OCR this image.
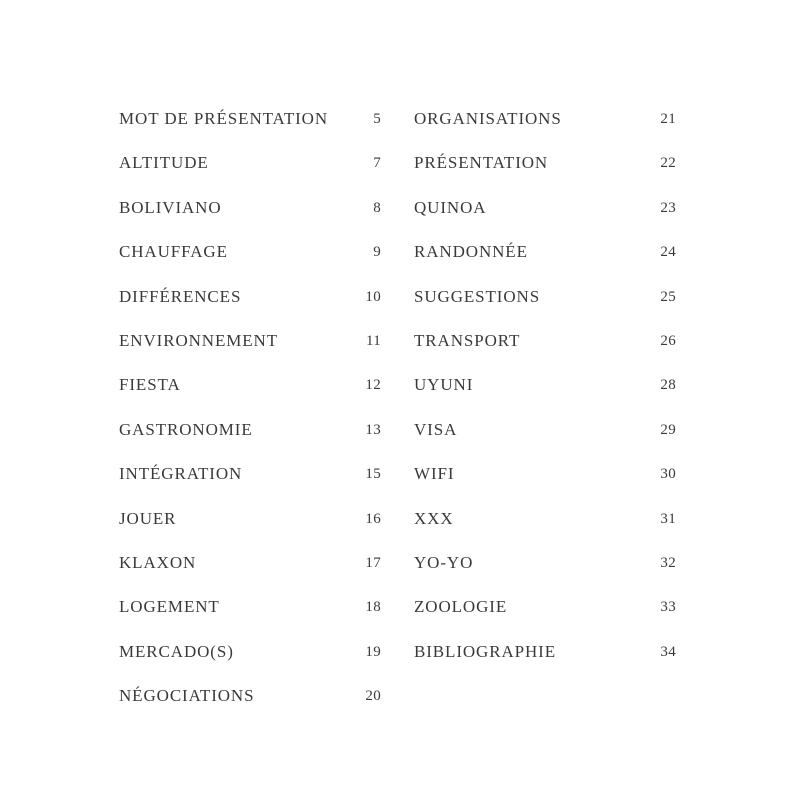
MOT DE PRÉSENTATION	5
ALTITUDE	7
BOLIVIANO	8
CHAUFFAGE	9
DIFFÉRENCES	10
ENVIRONNEMENT	11
FIESTA	12
GASTRONOMIE	13
INTÉGRATION	15
JOUER	16
KLAXON	17
LOGEMENT	18
MERCADO(S)	19
NÉGOCIATIONS	20
ORGANISATIONS	21
PRÉSENTATION	22
QUINOA	23
RANDONNÉE	24
SUGGESTIONS	25
TRANSPORT	26
UYUNI	28
VISA	29
WIFI	30
XXX	31
YO-YO	32
ZOOLOGIE	33
BIBLIOGRAPHIE	34
